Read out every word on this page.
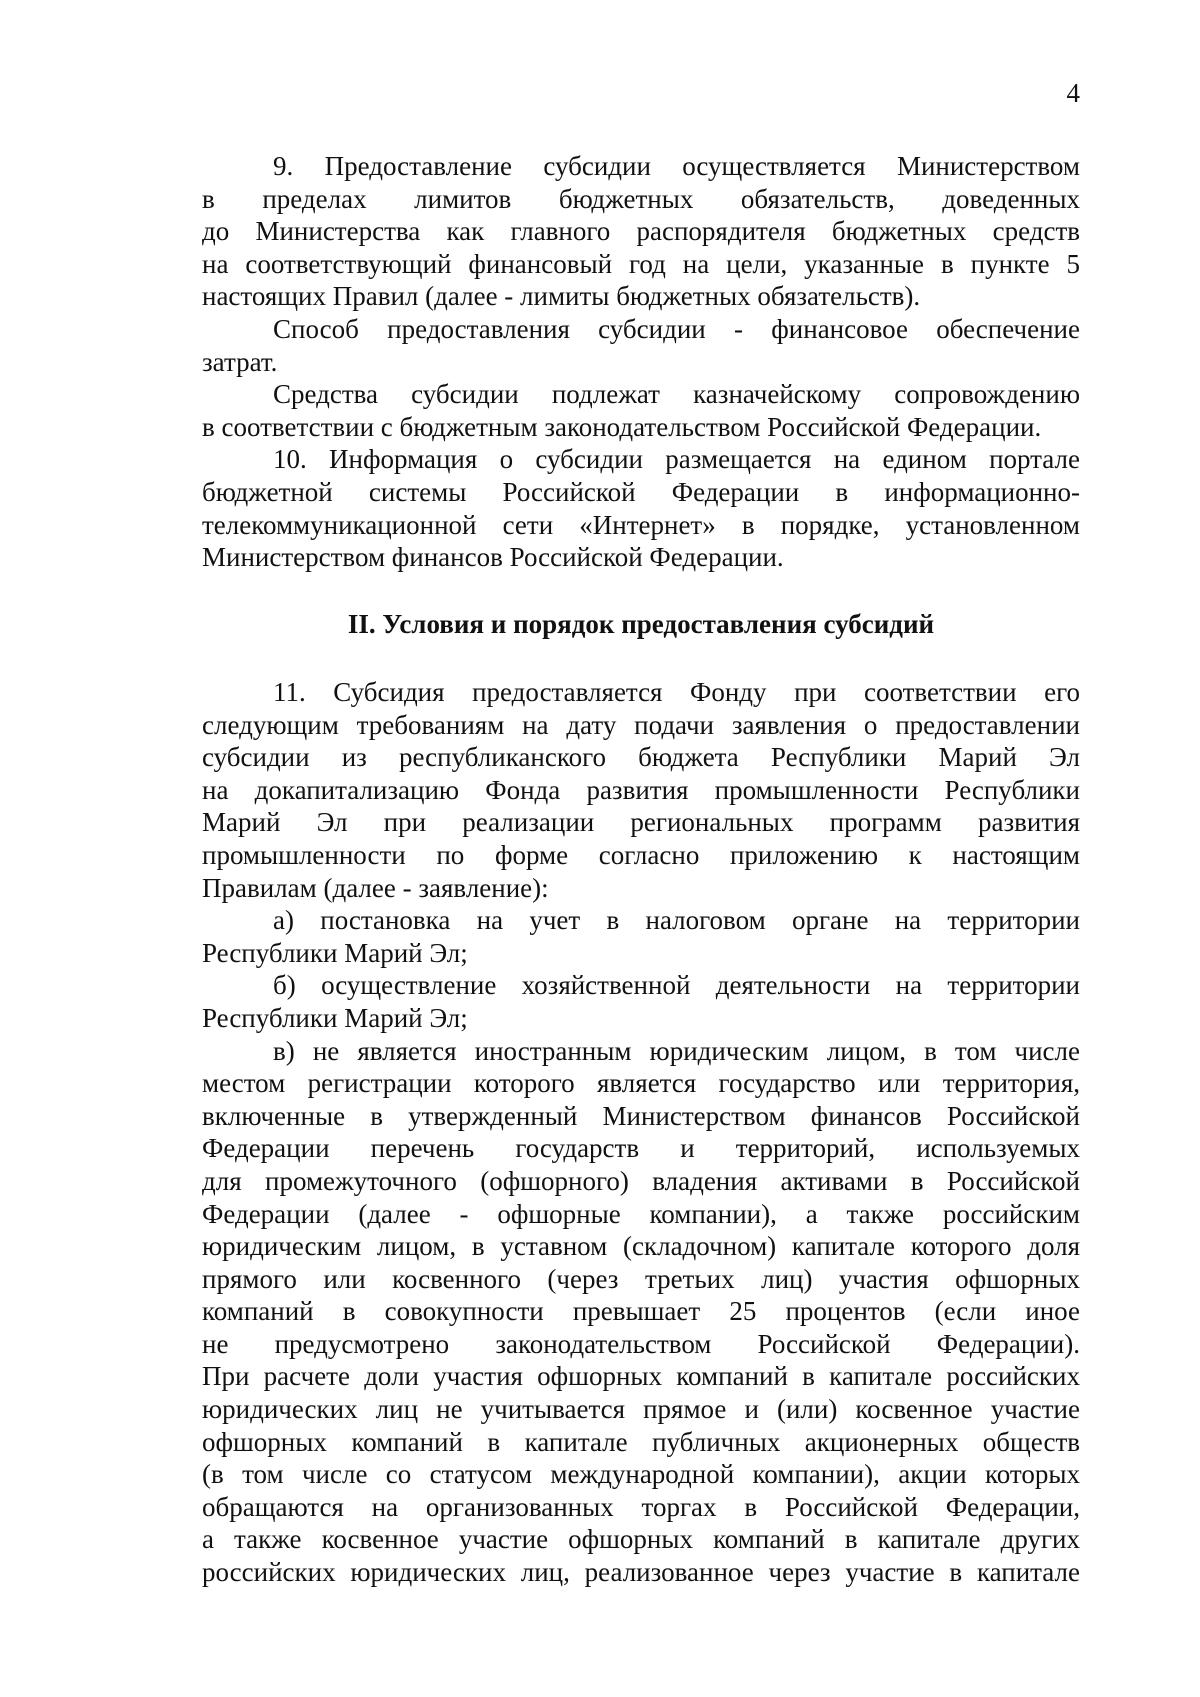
4
9. Предоставление субсидии осуществляется Министерством
в пределах лимитов бюджетных обязательств, доведенных
до Министерства как главного распорядителя бюджетных средств
на соответствующий финансовый год на цели, указанные в пункте 5
настоящих Правил (далее - лимиты бюджетных обязательств).
Способ предоставления субсидии - финансовое обеспечение
затрат.
Средства субсидии подлежат казначейскому сопровождению
в соответствии с бюджетным законодательством Российской Федерации.
10. Информация о субсидии размещается на едином портале
бюджетной системы Российской Федерации в информационно-
телекоммуникационной сети «Интернет» в порядке, установленном
Министерством финансов Российской Федерации.
II. Условия и порядок предоставления субсидий
11. Субсидия предоставляется Фонду при соответствии его
следующим требованиям на дату подачи заявления о предоставлении
субсидии из республиканского бюджета Республики Марий Эл
на докапитализацию Фонда развития промышленности Республики
Марий Эл при реализации региональных программ развития
промышленности по форме согласно приложению к настоящим
Правилам (далее - заявление):
а) постановка на учет в налоговом органе на территории
Республики Марий Эл;
б) осуществление хозяйственной деятельности на территории
Республики Марий Эл;
в) не является иностранным юридическим лицом, в том числе
местом регистрации которого является государство или территория,
включенные в утвержденный Министерством финансов Российской
Федерации перечень государств и территорий, используемых
для промежуточного (офшорного) владения активами в Российской
Федерации (далее - офшорные компании), а также российским
юридическим лицом, в уставном (складочном) капитале которого доля
прямого или косвенного (через третьих лиц) участия офшорных
компаний в совокупности превышает 25 процентов (если иное
не предусмотрено законодательством Российской Федерации).
При расчете доли участия офшорных компаний в капитале российских
юридических лиц не учитывается прямое и (или) косвенное участие
офшорных компаний в капитале публичных акционерных обществ
(в том числе со статусом международной компании), акции которых
обращаются на организованных торгах в Российской Федерации,
а также косвенное участие офшорных компаний в капитале других
российских юридических лиц, реализованное через участие в капитале
